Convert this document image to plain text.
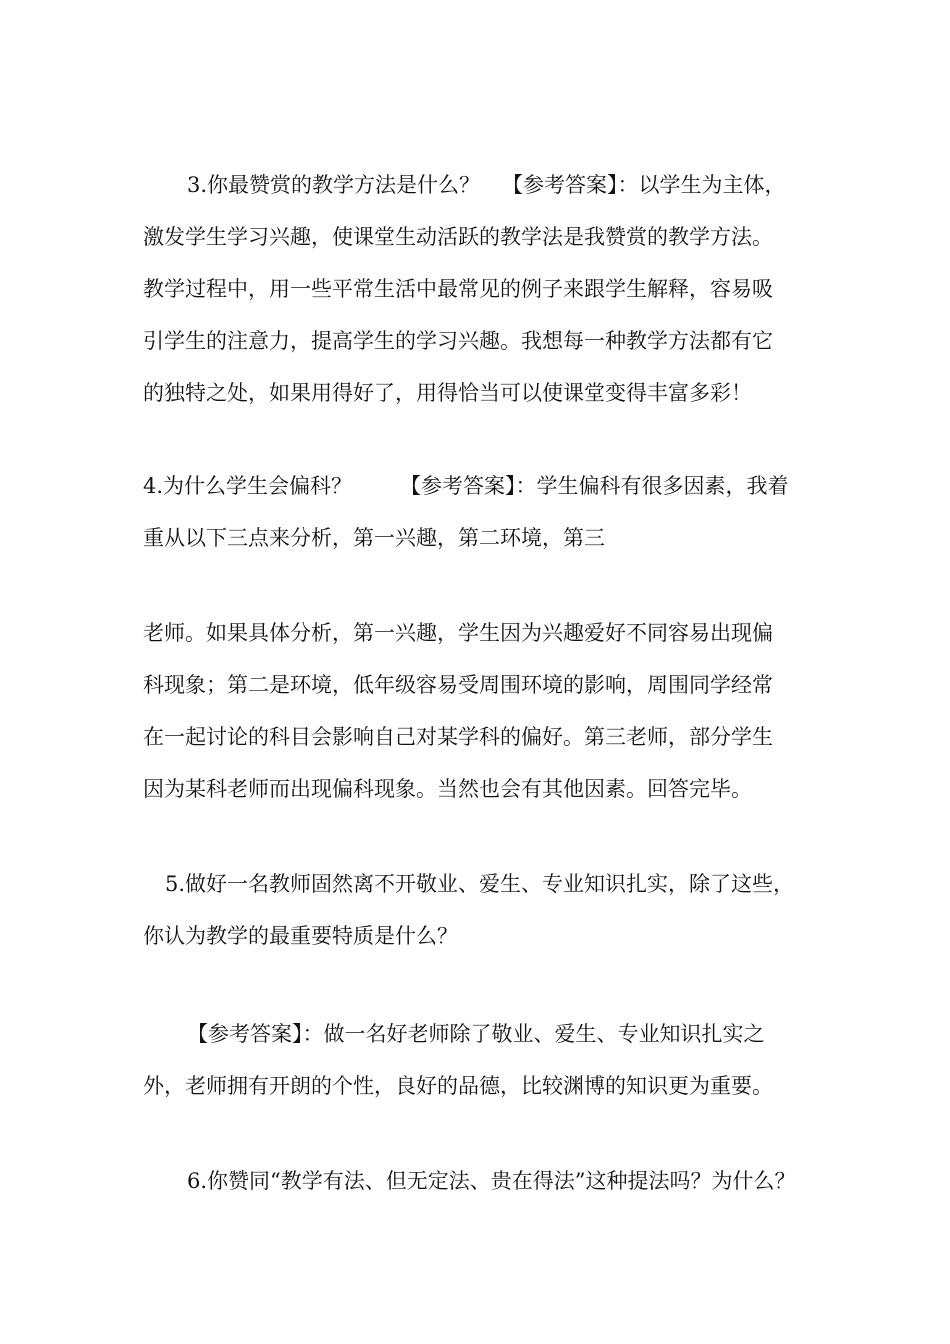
3.你最赞赏的教学方法是什么？ 【参考答案】：以学生为主体，
激发学生学习兴趣，使课堂生动活跃的教学法是我赞赏的教学方法。
教学过程中，用一些平常生活中最常见的例子来跟学生解释，容易吸
引学生的注意力，提高学生的学习兴趣。我想每一种教学方法都有它
的独特之处，如果用得好了，用得恰当可以使课堂变得丰富多彩！
4.为什么学生会偏科？ 【参考答案】：学生偏科有很多因素，我着
重从以下三点来分析，第一兴趣，第二环境，第三
老师。如果具体分析，第一兴趣，学生因为兴趣爱好不同容易出现偏
科现象；第二是环境，低年级容易受周围环境的影响，周围同学经常
在一起讨论的科目会影响自己对某学科的偏好。第三老师，部分学生
因为某科老师而出现偏科现象。当然也会有其他因素。回答完毕。
5.做好一名教师固然离不开敬业、爱生、专业知识扎实，除了这些，
你认为教学的最重要特质是什么？
【参考答案】：做一名好老师除了敬业、爱生、专业知识扎实之
外，老师拥有开朗的个性，良好的品德，比较渊博的知识更为重要。
6.你赞同“教学有法、但无定法、贵在得法”这种提法吗？为什么？
